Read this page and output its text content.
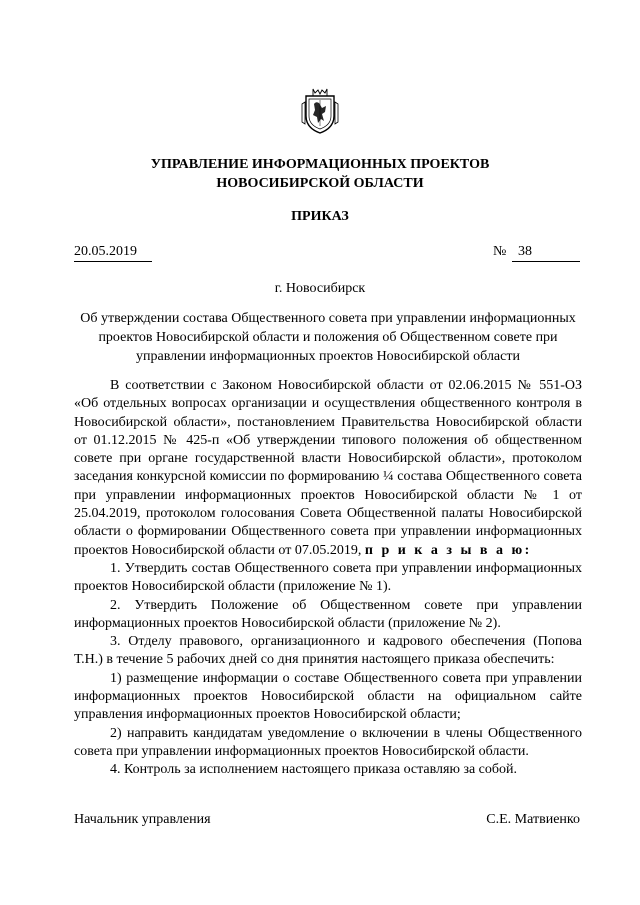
УПРАВЛЕНИЕ ИНФОРМАЦИОННЫХ ПРОЕКТОВ
НОВОСИБИРСКОЙ ОБЛАСТИ
ПРИКАЗ
20.05.2019	№ 38
г. Новосибирск
Об утверждении состава Общественного совета при управлении информационных проектов Новосибирской области и положения об Общественном совете при управлении информационных проектов Новосибирской области

В соответствии с Законом Новосибирской области от 02.06.2015 № 551-ОЗ «Об отдельных вопросах организации и осуществления общественного контроля в Новосибирской области», постановлением Правительства Новосибирской области от 01.12.2015 № 425-п «Об утверждении типового положения об общественном совете при органе государственной власти Новосибирской области», протоколом заседания конкурсной комиссии по формированию ¼ состава Общественного совета при управлении информационных проектов Новосибирской области № 1 от 25.04.2019, протоколом голосования Совета Общественной палаты Новосибирской области о формировании Общественного совета при управлении информационных проектов Новосибирской области от 07.05.2019, п р и к а з ы в а ю:

1. Утвердить состав Общественного совета при управлении информационных проектов Новосибирской области (приложение № 1).

2. Утвердить Положение об Общественном совете при управлении информационных проектов Новосибирской области (приложение № 2).

3. Отделу правового, организационного и кадрового обеспечения (Попова Т.Н.) в течение 5 рабочих дней со дня принятия настоящего приказа обеспечить:

1) размещение информации о составе Общественного совета при управлении информационных проектов Новосибирской области на официальном сайте управления информационных проектов Новосибирской области;

2) направить кандидатам уведомление о включении в члены Общественного совета при управлении информационных проектов Новосибирской области.

4. Контроль за исполнением настоящего приказа оставляю за собой.

Начальник управления	С.Е. Матвиенко
